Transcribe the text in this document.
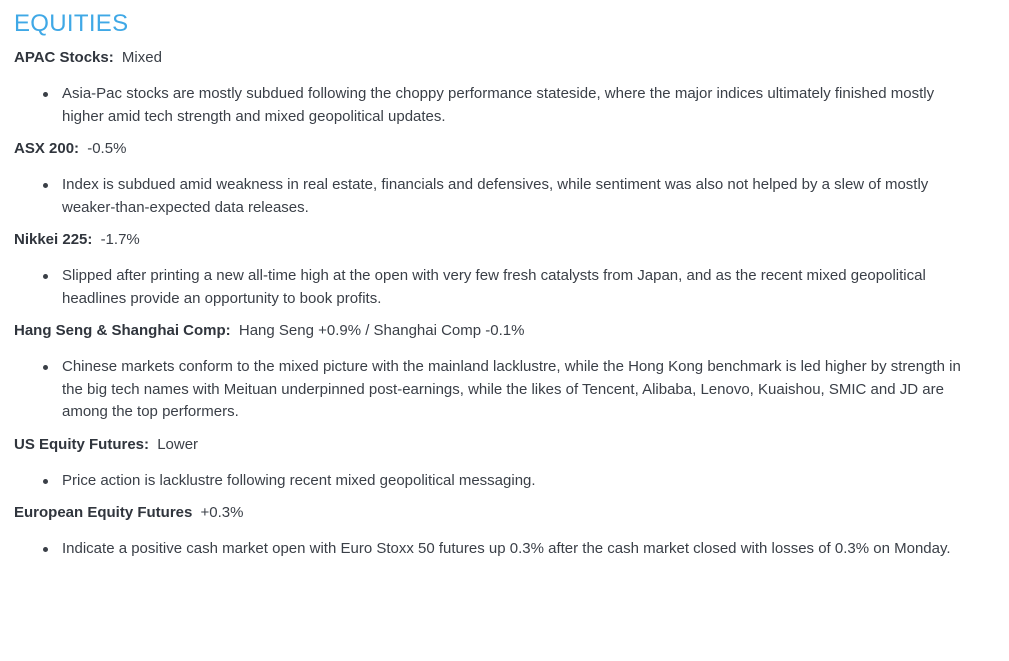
EQUITIES
APAC Stocks: Mixed
Asia-Pac stocks are mostly subdued following the choppy performance stateside, where the major indices ultimately finished mostly higher amid tech strength and mixed geopolitical updates.
ASX 200: -0.5%
Index is subdued amid weakness in real estate, financials and defensives, while sentiment was also not helped by a slew of mostly weaker-than-expected data releases.
Nikkei 225: -1.7%
Slipped after printing a new all-time high at the open with very few fresh catalysts from Japan, and as the recent mixed geopolitical headlines provide an opportunity to book profits.
Hang Seng & Shanghai Comp: Hang Seng +0.9% / Shanghai Comp -0.1%
Chinese markets conform to the mixed picture with the mainland lacklustre, while the Hong Kong benchmark is led higher by strength in the big tech names with Meituan underpinned post-earnings, while the likes of Tencent, Alibaba, Lenovo, Kuaishou, SMIC and JD are among the top performers.
US Equity Futures: Lower
Price action is lacklustre following recent mixed geopolitical messaging.
European Equity Futures +0.3%
Indicate a positive cash market open with Euro Stoxx 50 futures up 0.3% after the cash market closed with losses of 0.3% on Monday.
